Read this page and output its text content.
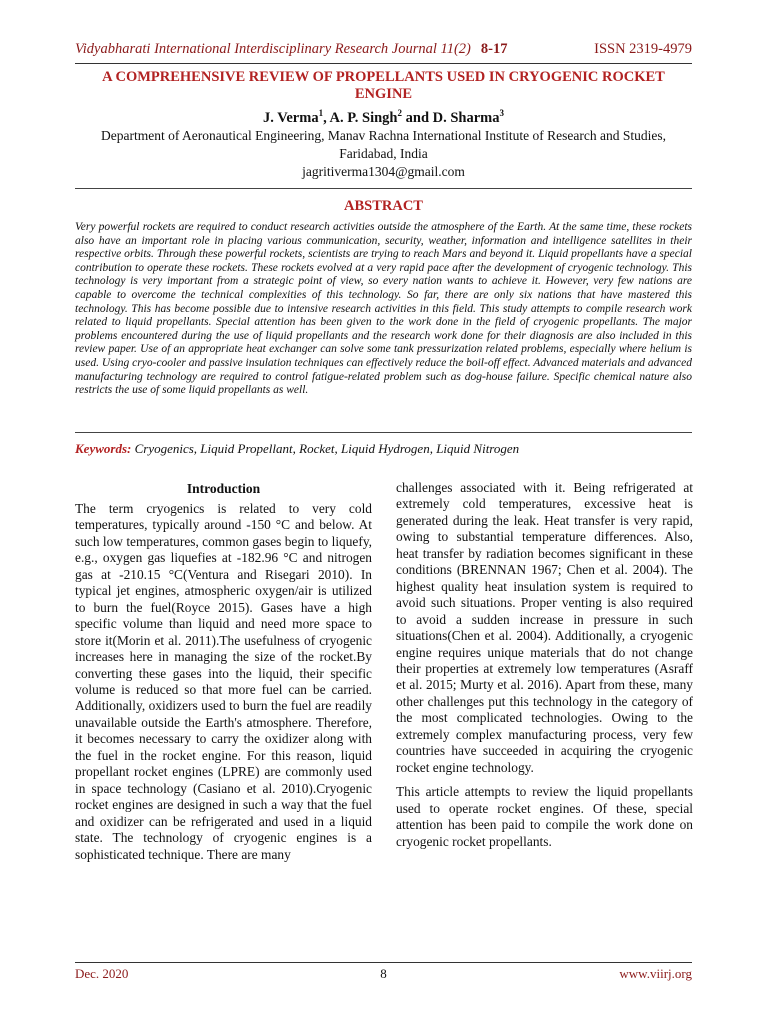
Vidyabharati International Interdisciplinary Research Journal 11(2) 8-17	ISSN 2319-4979
A COMPREHENSIVE REVIEW OF PROPELLANTS USED IN CRYOGENIC ROCKET ENGINE
J. Verma$^1$, A. P. Singh$^2$ and D. Sharma$^3$
Department of Aeronautical Engineering, Manav Rachna International Institute of Research and Studies,
Faridabad, India
jagritiverma1304@gmail.com
ABSTRACT
Very powerful rockets are required to conduct research activities outside the atmosphere of the Earth. At the same time, these rockets also have an important role in placing various communication, security, weather, information and intelligence satellites in their respective orbits. Through these powerful rockets, scientists are trying to reach Mars and beyond it. Liquid propellants have a special contribution to operate these rockets. These rockets evolved at a very rapid pace after the development of cryogenic technology. This technology is very important from a strategic point of view, so every nation wants to achieve it. However, very few nations are capable to overcome the technical complexities of this technology. So far, there are only six nations that have mastered this technology. This has become possible due to intensive research activities in this field. This study attempts to compile research work related to liquid propellants. Special attention has been given to the work done in the field of cryogenic propellants. The major problems encountered during the use of liquid propellants and the research work done for their diagnosis are also included in this review paper. Use of an appropriate heat exchanger can solve some tank pressurization related problems, especially where helium is used. Using cryo-cooler and passive insulation techniques can effectively reduce the boil-off effect. Advanced materials and advanced manufacturing technology are required to control fatigue-related problem such as dog-house failure. Specific chemical nature also restricts the use of some liquid propellants as well.
Keywords: Cryogenics, Liquid Propellant, Rocket, Liquid Hydrogen, Liquid Nitrogen
Introduction

The term cryogenics is related to very cold temperatures, typically around -150 °C and below. At such low temperatures, common gases begin to liquefy, e.g., oxygen gas liquefies at -182.96 °C and nitrogen gas at -210.15 °C(Ventura and Risegari 2010). In typical jet engines, atmospheric oxygen/air is utilized to burn the fuel(Royce 2015). Gases have a high specific volume than liquid and need more space to store it(Morin et al. 2011).The usefulness of cryogenic increases here in managing the size of the rocket.By converting these gases into the liquid, their specific volume is reduced so that more fuel can be carried. Additionally, oxidizers used to burn the fuel are readily unavailable outside the Earth's atmosphere. Therefore, it becomes necessary to carry the oxidizer along with the fuel in the rocket engine. For this reason, liquid propellant rocket engines (LPRE) are commonly used in space technology (Casiano et al. 2010).Cryogenic rocket engines are designed in such a way that the fuel and oxidizer can be refrigerated and used in a liquid state. The technology of cryogenic engines is a sophisticated technique. There are many

challenges associated with it. Being refrigerated at extremely cold temperatures, excessive heat is generated during the leak. Heat transfer is very rapid, owing to substantial temperature differences. Also, heat transfer by radiation becomes significant in these conditions (BRENNAN 1967; Chen et al. 2004). The highest quality heat insulation system is required to avoid such situations. Proper venting is also required to avoid a sudden increase in pressure in such situations(Chen et al. 2004). Additionally, a cryogenic engine requires unique materials that do not change their properties at extremely low temperatures (Asraff et al. 2015; Murty et al. 2016). Apart from these, many other challenges put this technology in the category of the most complicated technologies. Owing to the extremely complex manufacturing process, very few countries have succeeded in acquiring the cryogenic rocket engine technology.

This article attempts to review the liquid propellants used to operate rocket engines. Of these, special attention has been paid to compile the work done on cryogenic rocket propellants.

Dec. 2020	8	www.viirj.org
